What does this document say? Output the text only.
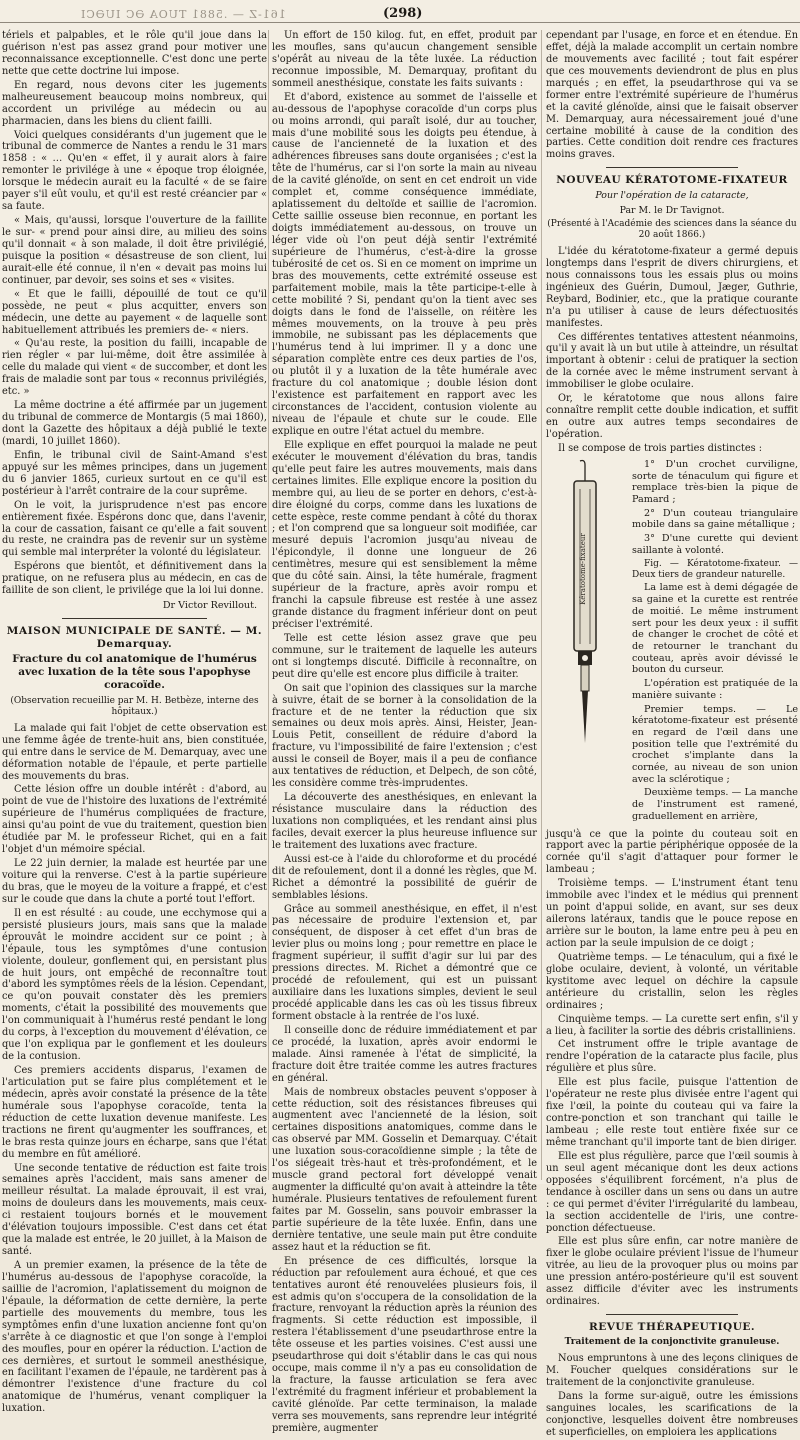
161-Z — .5881 TUOA ƏC IUƏCI	(298)

tériels et palpables, et le rôle qu'il joue dans la guérison n'est pas assez grand pour motiver une reconnaissance exceptionnelle. C'est donc une perte nette que cette doctrine lui impose.

En regard, nous devons citer les jugements malheureusement beaucoup moins nombreux, qui accordent un privilége au médecin ou au pharmacien, dans les biens du client failli.

Voici quelques considérants d'un jugement que le tribunal de commerce de Nantes a rendu le 31 mars 1858 : « … Qu'en « effet, il y aurait alors à faire remonter le privilége à une « époque trop éloignée, lorsque le médecin aurait eu la faculté « de se faire payer s'il eût voulu, et qu'il est resté créancier par « sa faute.

« Mais, qu'aussi, lorsque l'ouverture de la faillite le sur- « prend pour ainsi dire, au milieu des soins qu'il donnait « à son malade, il doit être privilégié, puisque la position « désastreuse de son client, lui aurait-elle été connue, il n'en « devait pas moins lui continuer, par devoir, ses soins et ses « visites.

« Et que le failli, dépouillé de tout ce qu'il possède, ne peut « plus acquitter, envers son médecin, une dette au payement « de laquelle sont habituellement attribués les premiers de- « niers.

« Qu'au reste, la position du failli, incapable de rien régler « par lui-même, doit être assimilée à celle du malade qui vient « de succomber, et dont les frais de maladie sont par tous « reconnus privilégiés, etc. »

La même doctrine a été affirmée par un jugement du tribunal de commerce de Montargis (5 mai 1860), dont la Gazette des hôpitaux a déjà publié le texte (mardi, 10 juillet 1860).

Enfin, le tribunal civil de Saint-Amand s'est appuyé sur les mêmes principes, dans un jugement du 6 janvier 1865, curieux surtout en ce qu'il est postérieur à l'arrêt contraire de la cour suprême.

On le voit, la jurisprudence n'est pas encore entièrement fixée. Espérons donc que, dans l'avenir, la cour de cassation, faisant ce qu'elle a fait souvent du reste, ne craindra pas de revenir sur un système qui semble mal interpréter la volonté du législateur.

Espérons que bientôt, et définitivement dans la pratique, on ne refusera plus au médecin, en cas de faillite de son client, le privilége que la loi lui donne.

Dr Victor Revillout.
MAISON MUNICIPALE DE SANTÉ. — M. Demarquay.
Fracture du col anatomique de l'humérus avec luxation de la tête sous l'apophyse coracoïde.
(Observation recueillie par M. H. Betbèze, interne des hôpitaux.)

La malade qui fait l'objet de cette observation est une femme âgée de trente-huit ans, bien constituée, qui entre dans le service de M. Demarquay, avec une déformation notable de l'épaule, et perte partielle des mouvements du bras.

Cette lésion offre un double intérêt : d'abord, au point de vue de l'histoire des luxations de l'extrémité supérieure de l'humérus compliquées de fracture, ainsi qu'au point de vue du traitement, question bien étudiée par M. le professeur Richet, qui en a fait l'objet d'un mémoire spécial.

Le 22 juin dernier, la malade est heurtée par une voiture qui la renverse. C'est à la partie supérieure du bras, que le moyeu de la voiture a frappé, et c'est sur le coude que dans la chute a porté tout l'effort.

Il en est résulté : au coude, une ecchymose qui a persisté plusieurs jours, mais sans que la malade éprouvât le moindre accident sur ce point ; à l'épaule, tous les symptômes d'une contusion violente, douleur, gonflement qui, en persistant plus de huit jours, ont empêché de reconnaître tout d'abord les symptômes réels de la lésion. Cependant, ce qu'on pouvait constater dès les premiers moments, c'était la possibilité des mouvements que l'on communiquait à l'humérus resté pendant le long du corps, à l'exception du mouvement d'élévation, ce que l'on expliqua par le gonflement et les douleurs de la contusion.

Ces premiers accidents disparus, l'examen de l'articulation put se faire plus complétement et le médecin, après avoir constaté la présence de la tête humérale sous l'apophyse coracoïde, tenta la réduction de cette luxation devenue manifeste. Les tractions ne firent qu'augmenter les souffrances, et le bras resta quinze jours en écharpe, sans que l'état du membre en fût amélioré.

Une seconde tentative de réduction est faite trois semaines après l'accident, mais sans amener de meilleur résultat. La malade éprouvait, il est vrai, moins de douleurs dans les mouvements, mais ceux-ci restaient toujours bornés et le mouvement d'élévation toujours impossible. C'est dans cet état que la malade est entrée, le 20 juillet, à la Maison de santé.

A un premier examen, la présence de la tête de l'humérus au-dessous de l'apophyse coracoïde, la saillie de l'acromion, l'aplatissement du moignon de l'épaule, la déformation de cette dernière, la perte partielle des mouvements du membre, tous les symptômes enfin d'une luxation ancienne font qu'on s'arrête à ce diagnostic et que l'on songe à l'emploi des moufles, pour en opérer la réduction. L'action de ces dernières, et surtout le sommeil anesthésique, en facilitant l'examen de l'épaule, ne tardèrent pas à démontrer l'existence d'une fracture du col anatomique de l'humérus, venant compliquer la luxation.

Un effort de 150 kilog. fut, en effet, produit par les moufles, sans qu'aucun changement sensible s'opérât au niveau de la tête luxée. La réduction reconnue impossible, M. Demarquay, profitant du sommeil anesthésique, constate les faits suivants :

Et d'abord, existence au sommet de l'aisselle et au-dessous de l'apophyse coracoïde d'un corps plus ou moins arrondi, qui paraît isolé, dur au toucher, mais d'une mobilité sous les doigts peu étendue, à cause de l'ancienneté de la luxation et des adhérences fibreuses sans doute organisées ; c'est la tête de l'humérus, car si l'on sorte la main au niveau de la cavité glénoïde, on sent en cet endroit un vide complet et, comme conséquence immédiate, aplatissement du deltoïde et saillie de l'acromion. Cette saillie osseuse bien reconnue, en portant les doigts immédiatement au-dessous, on trouve un léger vide où l'on peut déjà sentir l'extrémité supérieure de l'humérus, c'est-à-dire la grosse tubérosité de cet os. Si en ce moment on imprime un bras des mouvements, cette extrémité osseuse est parfaitement mobile, mais la tête participe-t-elle à cette mobilité ? Si, pendant qu'on la tient avec ses doigts dans le fond de l'aisselle, on réitère les mêmes mouvements, on la trouve à peu près immobile, ne subissant pas les déplacements que l'humérus tend à lui imprimer. Il y a donc une séparation complète entre ces deux parties de l'os, ou plutôt il y a luxation de la tête humérale avec fracture du col anatomique ; double lésion dont l'existence est parfaitement en rapport avec les circonstances de l'accident, contusion violente au niveau de l'épaule et chute sur le coude. Elle explique en outre l'état actuel du membre.

Elle explique en effet pourquoi la malade ne peut exécuter le mouvement d'élévation du bras, tandis qu'elle peut faire les autres mouvements, mais dans certaines limites. Elle explique encore la position du membre qui, au lieu de se porter en dehors, c'est-à-dire éloigné du corps, comme dans les luxations de cette espèce, reste comme pendant à côté du thorax ; et l'on comprend que sa longueur soit modifiée, car mesuré depuis l'acromion jusqu'au niveau de l'épicondyle, il donne une longueur de 26 centimètres, mesure qui est sensiblement la même que du côté sain. Ainsi, la tête humérale, fragment supérieur de la fracture, après avoir rompu et franchi la capsule fibreuse est restée à une assez grande distance du fragment inférieur dont on peut préciser l'extrémité.

Telle est cette lésion assez grave que peu commune, sur le traitement de laquelle les auteurs ont si longtemps discuté. Difficile à reconnaître, on peut dire qu'elle est encore plus difficile à traiter.

On sait que l'opinion des classiques sur la marche à suivre, était de se borner à la consolidation de la fracture et de ne tenter la réduction que six semaines ou deux mois après. Ainsi, Heister, Jean-Louis Petit, conseillent de réduire d'abord la fracture, vu l'impossibilité de faire l'extension ; c'est aussi le conseil de Boyer, mais il a peu de confiance aux tentatives de réduction, et Delpech, de son côté, les considère comme très-imprudentes.

La découverte des anesthésiques, en enlevant la résistance musculaire dans la réduction des luxations non compliquées, et les rendant ainsi plus faciles, devait exercer la plus heureuse influence sur le traitement des luxations avec fracture.

Aussi est-ce à l'aide du chloroforme et du procédé dit de refoulement, dont il a donné les règles, que M. Richet a démontré la possibilité de guérir de semblables lésions.

Grâce au sommeil anesthésique, en effet, il n'est pas nécessaire de produire l'extension et, par conséquent, de disposer à cet effet d'un bras de levier plus ou moins long ; pour remettre en place le fragment supérieur, il suffit d'agir sur lui par des pressions directes. M. Richet a démontré que ce procédé de refoulement, qui est un puissant auxiliaire dans les luxations simples, devient le seul procédé applicable dans les cas où les tissus fibreux forment obstacle à la rentrée de l'os luxé.

Il conseille donc de réduire immédiatement et par ce procédé, la luxation, après avoir endormi le malade. Ainsi ramenée à l'état de simplicité, la fracture doit être traitée comme les autres fractures en général.

Mais de nombreux obstacles peuvent s'opposer à cette réduction, soit des résistances fibreuses qui augmentent avec l'ancienneté de la lésion, soit certaines dispositions anatomiques, comme dans le cas observé par MM. Gosselin et Demarquay. C'était une luxation sous-coracoïdienne simple ; la tête de l'os siégeait très-haut et très-profondément, et le muscle grand pectoral fort développé venait augmenter la difficulté qu'on avait à atteindre la tête humérale. Plusieurs tentatives de refoulement furent faites par M. Gosselin, sans pouvoir embrasser la partie supérieure de la tête luxée. Enfin, dans une dernière tentative, une seule main put être conduite assez haut et la réduction se fit.

En présence de ces difficultés, lorsque la réduction par refoulement aura échoué, et que ces tentatives auront été renouvelées plusieurs fois, il est admis qu'on s'occupera de la consolidation de la fracture, renvoyant la réduction après la réunion des fragments. Si cette réduction est impossible, il restera l'établissement d'une pseudarthrose entre la tête osseuse et les parties voisines. C'est aussi une pseudarthrose qui doit s'établir dans le cas qui nous occupe, mais comme il n'y a pas eu consolidation de la fracture, la fausse articulation se fera avec l'extrémité du fragment inférieur et probablement la cavité glénoïde. Par cette terminaison, la malade verra ses mouvements, sans reprendre leur intégrité première, augmenter

cependant par l'usage, en force et en étendue. En effet, déjà la malade accomplit un certain nombre de mouvements avec facilité ; tout fait espérer que ces mouvements deviendront de plus en plus marqués ; en effet, la pseudarthrose qui va se former entre l'extrémité supérieure de l'humérus et la cavité glénoïde, ainsi que le faisait observer M. Demarquay, aura nécessairement joué d'une certaine mobilité à cause de la condition des parties. Cette condition doit rendre ces fractures moins graves.

NOUVEAU KÉRATOTOME-FIXATEUR
Pour l'opération de la cataracte,
Par M. le Dr Tavignot.
(Présenté à l'Académie des sciences dans la séance du 20 août 1866.)

L'idée du kératotome-fixateur a germé depuis longtemps dans l'esprit de divers chirurgiens, et nous connaissons tous les essais plus ou moins ingénieux des Guérin, Dumoul, Jæger, Guthrie, Reybard, Bodinier, etc., que la pratique courante n'a pu utiliser à cause de leurs défectuosités manifestes.

Ces différentes tentatives attestent néanmoins, qu'il y avait là un but utile à atteindre, un résultat important à obtenir : celui de pratiquer la section de la cornée avec le même instrument servant à immobiliser le globe oculaire.

Or, le kératotome que nous allons faire connaître remplit cette double indication, et suffit en outre aux autres temps secondaires de l'opération.

Il se compose de trois parties distinctes :

Kératotome-fixateur

1° D'un crochet curviligne, sorte de ténaculum qui figure et remplace très-bien la pique de Pamard ;

2° D'un couteau triangulaire mobile dans sa gaine métallique ;

3° D'une curette qui devient saillante à volonté.

Fig. — Kératotome-fixateur. — Deux tiers de grandeur naturelle.

La lame est à demi dégagée de sa gaine et la curette est rentrée de moitié. Le même instrument sert pour les deux yeux : il suffit de changer le crochet de côté et de retourner le tranchant du couteau, après avoir dévissé le bouton du curseur.

L'opération est pratiquée de la manière suivante :

Premier temps. — Le kératotome-fixateur est présenté en regard de l'œil dans une position telle que l'extrémité du crochet s'implante dans la cornée, au niveau de son union avec la sclérotique ;

Deuxième temps. — La manche de l'instrument est ramené, graduellement en arrière,

jusqu'à ce que la pointe du couteau soit en rapport avec la partie périphérique opposée de la cornée qu'il s'agit d'attaquer pour former le lambeau ;

Troisième temps. — L'instrument étant tenu immobile avec l'index et le médius qui prennent un point d'appui solide, en avant, sur ses deux ailerons latéraux, tandis que le pouce repose en arrière sur le bouton, la lame entre peu à peu en action par la seule impulsion de ce doigt ;

Quatrième temps. — Le ténaculum, qui a fixé le globe oculaire, devient, à volonté, un véritable kystitome avec lequel on déchire la capsule antérieure du cristallin, selon les règles ordinaires ;

Cinquième temps. — La curette sert enfin, s'il y a lieu, à faciliter la sortie des débris cristalliniens.

Cet instrument offre le triple avantage de rendre l'opération de la cataracte plus facile, plus régulière et plus sûre.

Elle est plus facile, puisque l'attention de l'opérateur ne reste plus divisée entre l'agent qui fixe l'œil, la pointe du couteau qui va faire la contre-ponction et son tranchant qui taille le lambeau ; elle reste tout entière fixée sur ce même tranchant qu'il importe tant de bien diriger.

Elle est plus régulière, parce que l'œil soumis à un seul agent mécanique dont les deux actions opposées s'équilibrent forcément, n'a plus de tendance à osciller dans un sens ou dans un autre : ce qui permet d'éviter l'irrégularité du lambeau, la section accidentelle de l'iris, une contre-ponction défectueuse.

Elle est plus sûre enfin, car notre manière de fixer le globe oculaire prévient l'issue de l'humeur vitrée, au lieu de la provoquer plus ou moins par une pression antéro-postérieure qu'il est souvent assez difficile d'éviter avec les instruments ordinaires.

REVUE THÉRAPEUTIQUE.
Traitement de la conjonctivite granuleuse.

Nous empruntons à une des leçons cliniques de M. Foucher quelques considérations sur le traitement de la conjonctivite granuleuse.

Dans la forme sur-aiguë, outre les émissions sanguines locales, les scarifications de la conjonctive, lesquelles doivent être nombreuses et superficielles, on emploiera les applications
